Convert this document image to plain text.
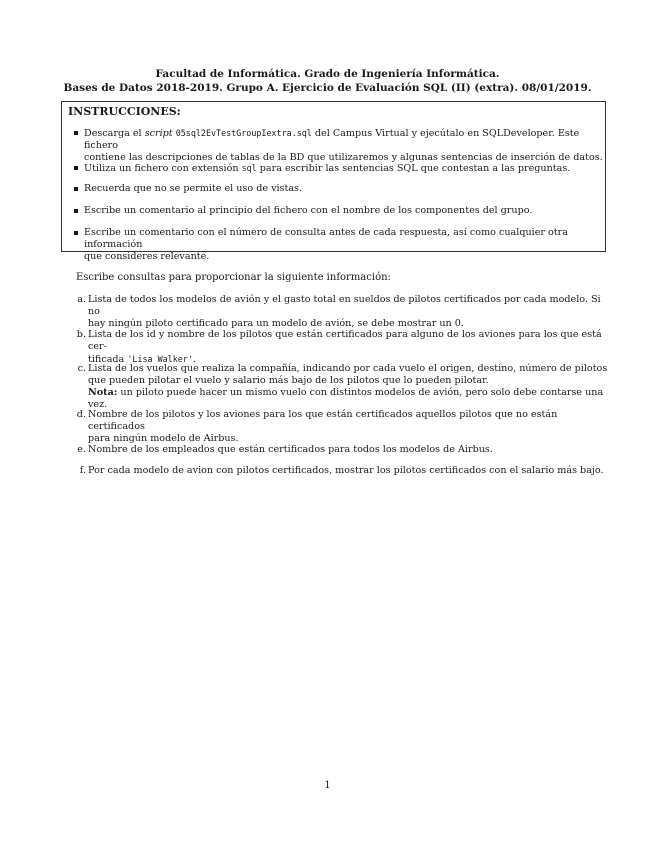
Facultad de Informática. Grado de Ingeniería Informática.
Bases de Datos 2018-2019. Grupo A. Ejercicio de Evaluación SQL (II) (extra). 08/01/2019.
INSTRUCCIONES:
Descarga el script 05sql2EvTestGroupIextra.sql del Campus Virtual y ejecútalo en SQLDeveloper. Este fichero
contiene las descripciones de tablas de la BD que utilizaremos y algunas sentencias de inserción de datos.
Utiliza un fichero con extensión sql para escribir las sentencias SQL que contestan a las preguntas.
Recuerda que no se permite el uso de vistas.
Escribe un comentario al principio del fichero con el nombre de los componentes del grupo.
Escribe un comentario con el número de consulta antes de cada respuesta, así como cualquier otra información
que consideres relevante.
Escribe consultas para proporcionar la siguiente información:
a. Lista de todos los modelos de avión y el gasto total en sueldos de pilotos certificados por cada modelo. Si no
hay ningún piloto certificado para un modelo de avión, se debe mostrar un 0.
b. Lista de los id y nombre de los pilotos que están certificados para alguno de los aviones para los que está cer-
tificada 'Lisa Walker'.
c. Lista de los vuelos que realiza la compañía, indicando por cada vuelo el origen, destino, número de pilotos
que pueden pilotar el vuelo y salario más bajo de los pilotos que lo pueden pilotar.
Nota: un piloto puede hacer un mismo vuelo con distintos modelos de avión, pero solo debe contarse una vez.
d. Nombre de los pilotos y los aviones para los que están certificados aquellos pilotos que no están certificados
para ningún modelo de Airbus.
e. Nombre de los empleados que están certificados para todos los modelos de Airbus.
f. Por cada modelo de avion con pilotos certificados, mostrar los pilotos certificados con el salario más bajo.
1
